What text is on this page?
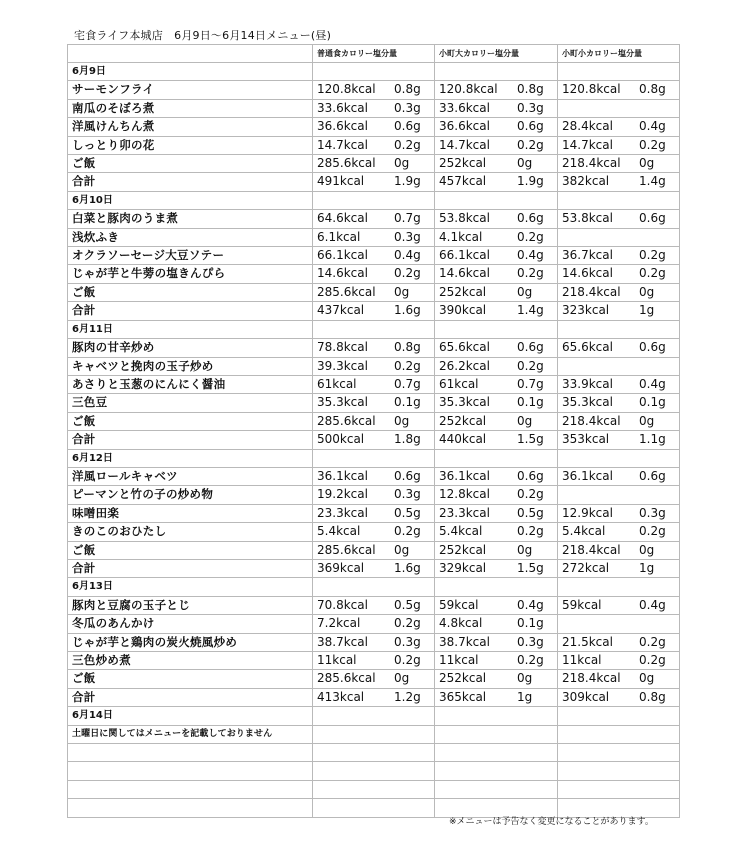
宅食ライフ本城店　6月9日〜6月14日メニュー(昼)
	普通食カロリー塩分量	小町大カロリー塩分量	小町小カロリー塩分量
6月9日			
サーモンフライ	120.8kcal 0.8g	120.8kcal 0.8g	120.8kcal 0.8g

南瓜のそぼろ煮	33.6kcal 0.3g	33.6kcal 0.3g	

洋風けんちん煮	36.6kcal 0.6g	36.6kcal 0.6g	28.4kcal 0.4g

しっとり卯の花	14.7kcal 0.2g	14.7kcal 0.2g	14.7kcal 0.2g

ご飯	285.6kcal 0g	252kcal 0g	218.4kcal 0g

合計	491kcal 1.9g	457kcal 1.9g	382kcal 1.4g

6月10日			
白菜と豚肉のうま煮	64.6kcal 0.7g	53.8kcal 0.6g	53.8kcal 0.6g

浅炊ふき	6.1kcal 0.3g	4.1kcal 0.2g	

オクラソーセージ大豆ソテー	66.1kcal 0.4g	66.1kcal 0.4g	36.7kcal 0.2g

じゃが芋と牛蒡の塩きんぴら	14.6kcal 0.2g	14.6kcal 0.2g	14.6kcal 0.2g

ご飯	285.6kcal 0g	252kcal 0g	218.4kcal 0g

合計	437kcal 1.6g	390kcal 1.4g	323kcal 1g

6月11日			
豚肉の甘辛炒め	78.8kcal 0.8g	65.6kcal 0.6g	65.6kcal 0.6g

キャベツと挽肉の玉子炒め	39.3kcal 0.2g	26.2kcal 0.2g	

あさりと玉葱のにんにく醤油	61kcal 0.7g	61kcal 0.7g	33.9kcal 0.4g

三色豆	35.3kcal 0.1g	35.3kcal 0.1g	35.3kcal 0.1g

ご飯	285.6kcal 0g	252kcal 0g	218.4kcal 0g

合計	500kcal 1.8g	440kcal 1.5g	353kcal 1.1g

6月12日			
洋風ロールキャベツ	36.1kcal 0.6g	36.1kcal 0.6g	36.1kcal 0.6g

ピーマンと竹の子の炒め物	19.2kcal 0.3g	12.8kcal 0.2g	

味噌田楽	23.3kcal 0.5g	23.3kcal 0.5g	12.9kcal 0.3g

きのこのおひたし	5.4kcal 0.2g	5.4kcal 0.2g	5.4kcal 0.2g

ご飯	285.6kcal 0g	252kcal 0g	218.4kcal 0g

合計	369kcal 1.6g	329kcal 1.5g	272kcal 1g

6月13日			
豚肉と豆腐の玉子とじ	70.8kcal 0.5g	59kcal 0.4g	59kcal 0.4g

冬瓜のあんかけ	7.2kcal 0.2g	4.8kcal 0.1g	

じゃが芋と鶏肉の炭火焼風炒め	38.7kcal 0.3g	38.7kcal 0.3g	21.5kcal 0.2g

三色炒め煮	11kcal 0.2g	11kcal 0.2g	11kcal 0.2g

ご飯	285.6kcal 0g	252kcal 0g	218.4kcal 0g

合計	413kcal 1.2g	365kcal 1g	309kcal 0.8g

6月14日			
土曜日に関してはメニューを記載しておりません			

※メニューは予告なく変更になることがあります。
